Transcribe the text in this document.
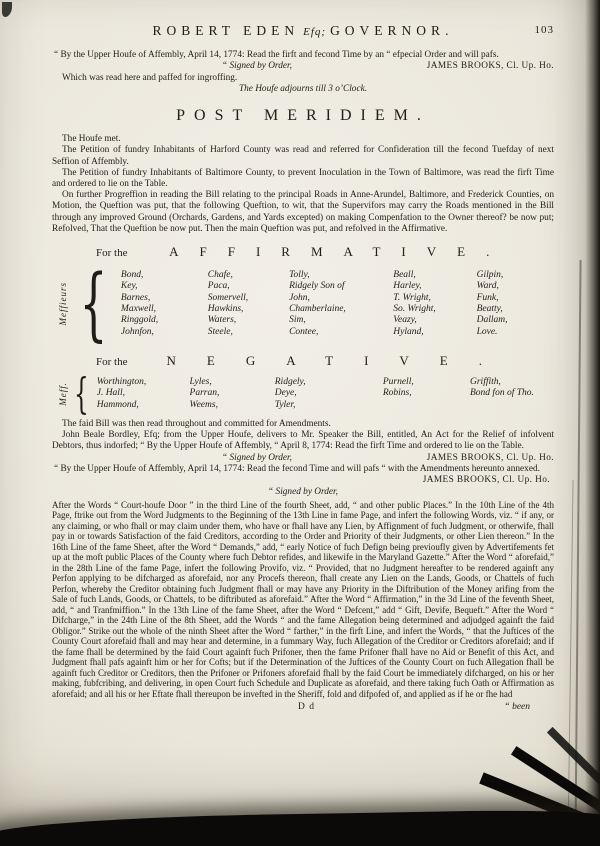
ROBERT EDEN Efq; GOVERNOR.	103

“ By the Upper Houfe of Affembly, April 14, 1774: Read the firft and fecond Time by an “ efpecial Order and will pafs.

“ Signed by Order,	JAMES BROOKS, Cl. Up. Ho.

Which was read here and paffed for ingroffing.

The Houfe adjourns till 3 o’Clock.

POST MERIDIEM.

The Houfe met.

The Petition of fundry Inhabitants of Harford County was read and referred for Confideration till the fecond Tuefday of next Seffion of Affembly.

The Petition of fundry Inhabitants of Baltimore County, to prevent Inoculation in the Town of Baltimore, was read the firft Time and ordered to lie on the Table.

On further Progreffion in reading the Bill relating to the principal Roads in Anne-Arundel, Baltimore, and Frederick Counties, on Motion, the Queftion was put, that the following Queftion, to wit, that the Supervifors may carry the Roads mentioned in the Bill through any improved Ground (Orchards, Gardens, and Yards excepted) on making Compenfation to the Owner thereof? be now put; Refolved, That the Queftion be now put. Then the main Queftion was put, and refolved in the Affirmative.

For the	AFFIRMATIVE.
Meffieurs { Bond,	Chafe,	Tolly,	Beall,	Gilpin,
Key,	Paca,	Ridgely Son of	Harley,	Ward,
Barnes,	Somervell,	John,	T. Wright,	Funk,
Maxwell,	Hawkins,	Chamberlaine,	So. Wright,	Beatty,
Ringgold,	Waters,	Sim,	Veazy,	Dallam,
Johnfon,	Steele,	Contee,	Hyland,	Love.
For the	NEGATIVE.
Meff. { Worthington,	Lyles,	Ridgely,	Purnell,	Griffith,
J. Hall,	Parran,	Deye,	Robins,	Bond fon of Tho.
Hammond,	Weems,	Tyler,		

The faid Bill was then read throughout and committed for Amendments.

John Beale Bordley, Efq; from the Upper Houfe, delivers to Mr. Speaker the Bill, entitled, An Act for the Relief of infolvent Debtors, thus indorfed; “ By the Upper Houfe of Affembly, “ April 8, 1774: Read the firft Time and ordered to lie on the Table.

“ Signed by Order,	JAMES BROOKS, Cl. Up. Ho.

“ By the Upper Houfe of Affembly, April 14, 1774: Read the fecond Time and will pafs “ with the Amendments hereunto annexed.

JAMES BROOKS, Cl. Up. Ho.
“ Signed by Order,

After the Words “ Court-houfe Door ” in the third Line of the fourth Sheet, add, “ and other public Places.” In the 10th Line of the 4th Page, ftrike out from the Word Judgments to the Beginning of the 13th Line in fame Page, and infert the following Words, viz. “ if any, or any claiming, or who fhall or may claim under them, who have or fhall have any Lien, by Affignment of fuch Judgment, or otherwife, fhall pay in or towards Satisfaction of the faid Creditors, according to the Order and Priority of their Judgments, or other Lien thereon.” In the 16th Line of the fame Sheet, after the Word “ Demands,” add, “ early Notice of fuch Defign being previoufly given by Advertifements fet up at the moft public Places of the County where fuch Debtor refides, and likewife in the Maryland Gazette.” After the Word “ aforefaid,” in the 28th Line of the fame Page, infert the following Provifo, viz. “ Provided, that no Judgment hereafter to be rendered againft any Perfon applying to be difcharged as aforefaid, nor any Procefs thereon, fhall create any Lien on the Lands, Goods, or Chattels of fuch Perfon, whereby the Creditor obtaining fuch Judgment fhall or may have any Priority in the Diftribution of the Money arifing from the Sale of fuch Lands, Goods, or Chattels, to be diftributed as aforefaid.” After the Word “ Affirmation,” in the 3d Line of the feventh Sheet, add, “ and Tranfmiffion.” In the 13th Line of the fame Sheet, after the Word “ Defcent,” add “ Gift, Devife, Bequeft.” After the Word “ Difcharge,” in the 24th Line of the 8th Sheet, add the Words “ and the fame Allegation being determined and adjudged againft the faid Obligor.” Strike out the whole of the ninth Sheet after the Word “ farther,” in the firft Line, and infert the Words, “ that the Juftices of the County Court aforefaid fhall and may hear and determine, in a fummary Way, fuch Allegation of the Creditor or Creditors aforefaid; and if the fame fhall be determined by the faid Court againft fuch Prifoner, then the fame Prifoner fhall have no Aid or Benefit of this Act, and Judgment fhall pafs againft him or her for Cofts; but if the Determination of the Juftices of the County Court on fuch Allegation fhall be againft fuch Creditor or Creditors, then the Prifoner or Prifoners aforefaid fhall by the faid Court be immediately difcharged, on his or her making, fubfcribing, and delivering, in open Court fuch Schedule and Duplicate as aforefaid, and there taking fuch Oath or Affirmation as aforefaid; and all his or her Eftate fhall thereupon be invefted in the Sheriff, fold and difpofed of, and applied as if he or fhe had

D d	“ been
